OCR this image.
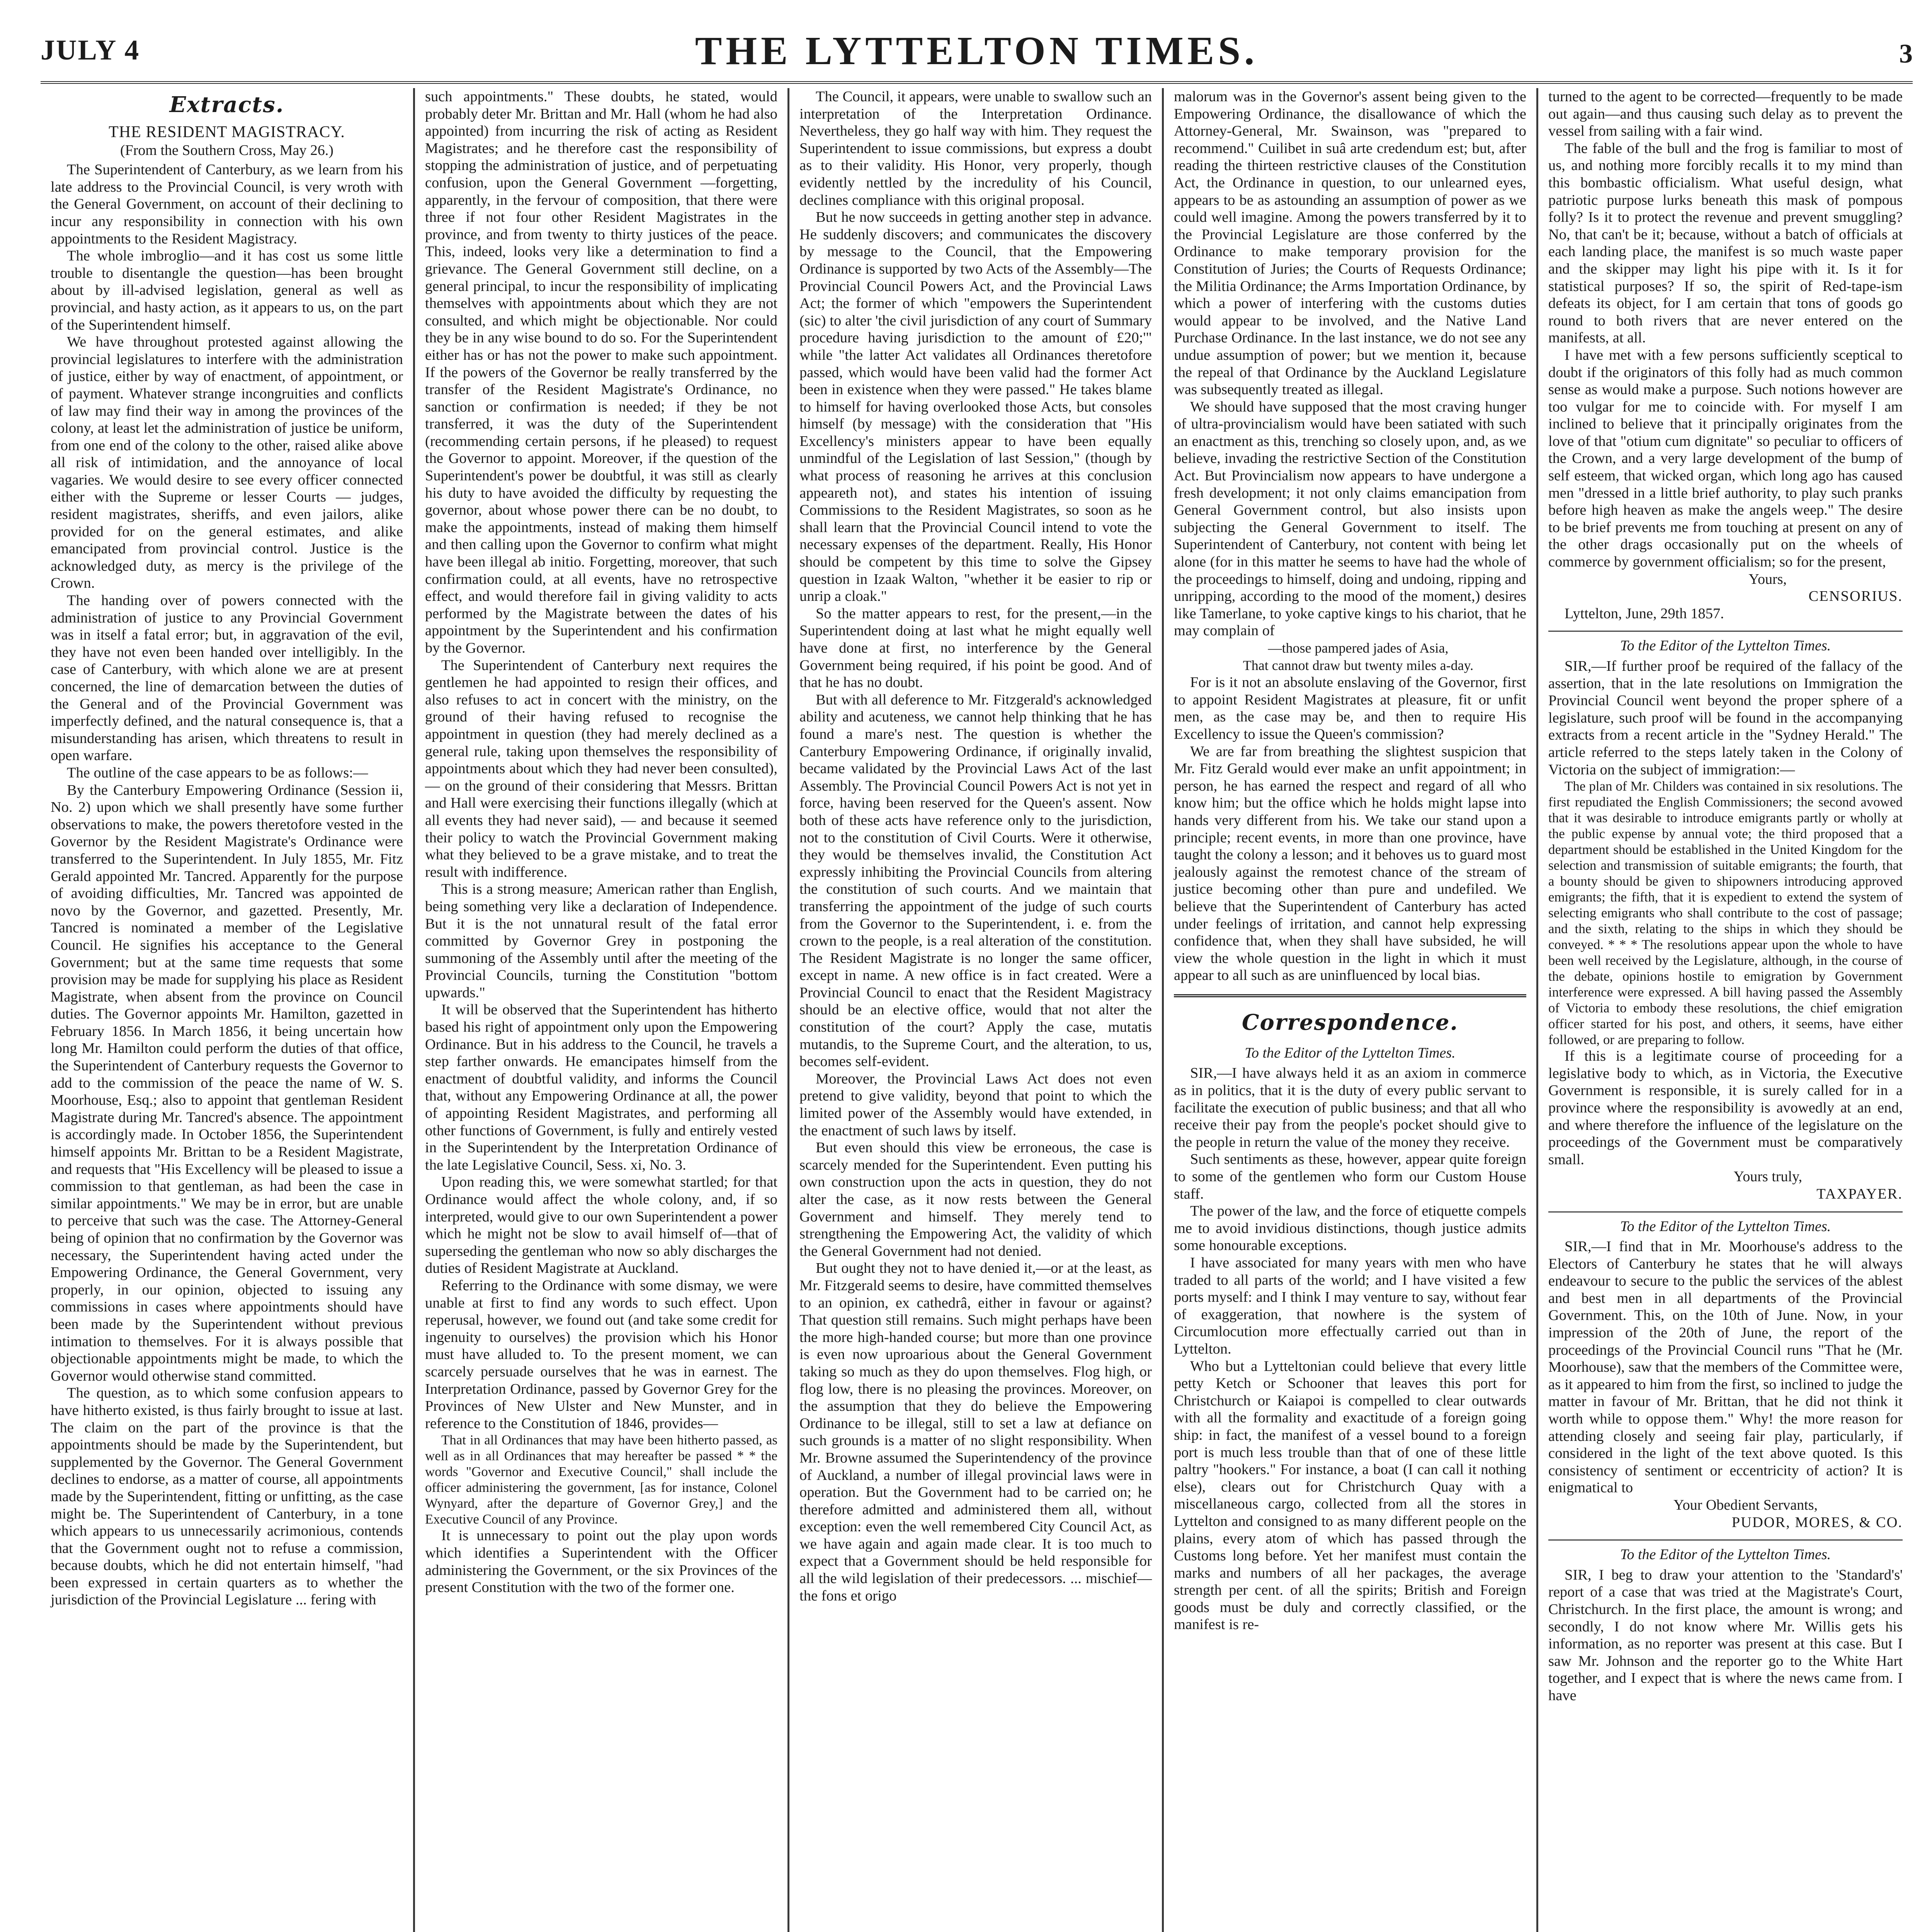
JULY 4	THE LYTTELTON TIMES.	3
Extracts.
THE RESIDENT MAGISTRACY.
(From the Southern Cross, May 26.)

The Superintendent of Canterbury, as we learn from his late address to the Provincial Council, is very wroth with the General Government, on account of their declining to incur any responsibility in connection with his own appointments to the Resident Magistracy.

The whole imbroglio—and it has cost us some little trouble to disentangle the question—has been brought about by ill-advised legislation, general as well as provincial, and hasty action, as it appears to us, on the part of the Superintendent himself.

We have throughout protested against allowing the provincial legislatures to interfere with the administration of justice, either by way of enactment, of appointment, or of payment. Whatever strange incongruities and conflicts of law may find their way in among the provinces of the colony, at least let the administration of justice be uniform, from one end of the colony to the other, raised alike above all risk of intimidation, and the annoyance of local vagaries. We would desire to see every officer connected either with the Supreme or lesser Courts — judges, resident magistrates, sheriffs, and even jailors, alike provided for on the general estimates, and alike emancipated from provincial control. Justice is the acknowledged duty, as mercy is the privilege of the Crown.

The handing over of powers connected with the administration of justice to any Provincial Government was in itself a fatal error; but, in aggravation of the evil, they have not even been handed over intelligibly. In the case of Canterbury, with which alone we are at present concerned, the line of demarcation between the duties of the General and of the Provincial Government was imperfectly defined, and the natural consequence is, that a misunderstanding has arisen, which threatens to result in open warfare.

The outline of the case appears to be as follows:—

By the Canterbury Empowering Ordinance (Session ii, No. 2) upon which we shall presently have some further observations to make, the powers theretofore vested in the Governor by the Resident Magistrate's Ordinance were transferred to the Superintendent. In July 1855, Mr. Fitz Gerald appointed Mr. Tancred. Apparently for the purpose of avoiding difficulties, Mr. Tancred was appointed de novo by the Governor, and gazetted. Presently, Mr. Tancred is nominated a member of the Legislative Council. He signifies his acceptance to the General Government; but at the same time requests that some provision may be made for supplying his place as Resident Magistrate, when absent from the province on Council duties. The Governor appoints Mr. Hamilton, gazetted in February 1856. In March 1856, it being uncertain how long Mr. Hamilton could perform the duties of that office, the Superintendent of Canterbury requests the Governor to add to the commission of the peace the name of W. S. Moorhouse, Esq.; also to appoint that gentleman Resident Magistrate during Mr. Tancred's absence. The appointment is accordingly made. In October 1856, the Superintendent himself appoints Mr. Brittan to be a Resident Magistrate, and requests that "His Excellency will be pleased to issue a commission to that gentleman, as had been the case in similar appointments." We may be in error, but are unable to perceive that such was the case. The Attorney-General being of opinion that no confirmation by the Governor was necessary, the Superintendent having acted under the Empowering Ordinance, the General Government, very properly, in our opinion, objected to issuing any commissions in cases where appointments should have been made by the Superintendent without previous intimation to themselves. For it is always possible that objectionable appointments might be made, to which the Governor would otherwise stand committed.

The question, as to which some confusion appears to have hitherto existed, is thus fairly brought to issue at last. The claim on the part of the province is that the appointments should be made by the Superintendent, but supplemented by the Governor. The General Government declines to endorse, as a matter of course, all appointments made by the Superintendent, fitting or unfitting, as the case might be. The Superintendent of Canterbury, in a tone which appears to us unnecessarily acrimonious, contends that the Government ought not to refuse a commission, because doubts, which he did not entertain himself, "had been expressed in certain quarters as to whether the jurisdiction of the Provincial Legislature ... fering with

such appointments." These doubts, he stated, would probably deter Mr. Brittan and Mr. Hall (whom he had also appointed) from incurring the risk of acting as Resident Magistrates; and he therefore cast the responsibility of stopping the administration of justice, and of perpetuating confusion, upon the General Government —forgetting, apparently, in the fervour of composition, that there were three if not four other Resident Magistrates in the province, and from twenty to thirty justices of the peace. This, indeed, looks very like a determination to find a grievance. The General Government still decline, on a general principal, to incur the responsibility of implicating themselves with appointments about which they are not consulted, and which might be objectionable. Nor could they be in any wise bound to do so. For the Superintendent either has or has not the power to make such appointment. If the powers of the Governor be really transferred by the transfer of the Resident Magistrate's Ordinance, no sanction or confirmation is needed; if they be not transferred, it was the duty of the Superintendent (recommending certain persons, if he pleased) to request the Governor to appoint. Moreover, if the question of the Superintendent's power be doubtful, it was still as clearly his duty to have avoided the difficulty by requesting the governor, about whose power there can be no doubt, to make the appointments, instead of making them himself and then calling upon the Governor to confirm what might have been illegal ab initio. Forgetting, moreover, that such confirmation could, at all events, have no retrospective effect, and would therefore fail in giving validity to acts performed by the Magistrate between the dates of his appointment by the Superintendent and his confirmation by the Governor.

The Superintendent of Canterbury next requires the gentlemen he had appointed to resign their offices, and also refuses to act in concert with the ministry, on the ground of their having refused to recognise the appointment in question (they had merely declined as a general rule, taking upon themselves the responsibility of appointments about which they had never been consulted), — on the ground of their considering that Messrs. Brittan and Hall were exercising their functions illegally (which at all events they had never said), — and because it seemed their policy to watch the Provincial Government making what they believed to be a grave mistake, and to treat the result with indifference.

This is a strong measure; American rather than English, being something very like a declaration of Independence. But it is the not unnatural result of the fatal error committed by Governor Grey in postponing the summoning of the Assembly until after the meeting of the Provincial Councils, turning the Constitution "bottom upwards."

It will be observed that the Superintendent has hitherto based his right of appointment only upon the Empowering Ordinance. But in his address to the Council, he travels a step farther onwards. He emancipates himself from the enactment of doubtful validity, and informs the Council that, without any Empowering Ordinance at all, the power of appointing Resident Magistrates, and performing all other functions of Government, is fully and entirely vested in the Superintendent by the Interpretation Ordinance of the late Legislative Council, Sess. xi, No. 3.

Upon reading this, we were somewhat startled; for that Ordinance would affect the whole colony, and, if so interpreted, would give to our own Superintendent a power which he might not be slow to avail himself of—that of superseding the gentleman who now so ably discharges the duties of Resident Magistrate at Auckland.

Referring to the Ordinance with some dismay, we were unable at first to find any words to such effect. Upon reperusal, however, we found out (and take some credit for ingenuity to ourselves) the provision which his Honor must have alluded to. To the present moment, we can scarcely persuade ourselves that he was in earnest. The Interpretation Ordinance, passed by Governor Grey for the Provinces of New Ulster and New Munster, and in reference to the Constitution of 1846, provides—

That in all Ordinances that may have been hitherto passed, as well as in all Ordinances that may hereafter be passed * * the words "Governor and Executive Council," shall include the officer administering the government, [as for instance, Colonel Wynyard, after the departure of Governor Grey,] and the Executive Council of any Province.

It is unnecessary to point out the play upon words which identifies a Superintendent with the Officer administering the Government, or the six Provinces of the present Constitution with the two of the former one.

The Council, it appears, were unable to swallow such an interpretation of the Interpretation Ordinance. Nevertheless, they go half way with him. They request the Superintendent to issue commissions, but express a doubt as to their validity. His Honor, very properly, though evidently nettled by the incredulity of his Council, declines compliance with this original proposal.

But he now succeeds in getting another step in advance. He suddenly discovers; and communicates the discovery by message to the Council, that the Empowering Ordinance is supported by two Acts of the Assembly—The Provincial Council Powers Act, and the Provincial Laws Act; the former of which "empowers the Superintendent (sic) to alter 'the civil jurisdiction of any court of Summary procedure having jurisdiction to the amount of £20;'" while "the latter Act validates all Ordinances theretofore passed, which would have been valid had the former Act been in existence when they were passed." He takes blame to himself for having overlooked those Acts, but consoles himself (by message) with the consideration that "His Excellency's ministers appear to have been equally unmindful of the Legislation of last Session," (though by what process of reasoning he arrives at this conclusion appeareth not), and states his intention of issuing Commissions to the Resident Magistrates, so soon as he shall learn that the Provincial Council intend to vote the necessary expenses of the department. Really, His Honor should be competent by this time to solve the Gipsey question in Izaak Walton, "whether it be easier to rip or unrip a cloak."

So the matter appears to rest, for the present,—in the Superintendent doing at last what he might equally well have done at first, no interference by the General Government being required, if his point be good. And of that he has no doubt.

But with all deference to Mr. Fitzgerald's acknowledged ability and acuteness, we cannot help thinking that he has found a mare's nest. The question is whether the Canterbury Empowering Ordinance, if originally invalid, became validated by the Provincial Laws Act of the last Assembly. The Provincial Council Powers Act is not yet in force, having been reserved for the Queen's assent. Now both of these acts have reference only to the jurisdiction, not to the constitution of Civil Courts. Were it otherwise, they would be themselves invalid, the Constitution Act expressly inhibiting the Provincial Councils from altering the constitution of such courts. And we maintain that transferring the appointment of the judge of such courts from the Governor to the Superintendent, i. e. from the crown to the people, is a real alteration of the constitution. The Resident Magistrate is no longer the same officer, except in name. A new office is in fact created. Were a Provincial Council to enact that the Resident Magistracy should be an elective office, would that not alter the constitution of the court? Apply the case, mutatis mutandis, to the Supreme Court, and the alteration, to us, becomes self-evident.

Moreover, the Provincial Laws Act does not even pretend to give validity, beyond that point to which the limited power of the Assembly would have extended, in the enactment of such laws by itself.

But even should this view be erroneous, the case is scarcely mended for the Superintendent. Even putting his own construction upon the acts in question, they do not alter the case, as it now rests between the General Government and himself. They merely tend to strengthening the Empowering Act, the validity of which the General Government had not denied.

But ought they not to have denied it,—or at the least, as Mr. Fitzgerald seems to desire, have committed themselves to an opinion, ex cathedrâ, either in favour or against? That question still remains. Such might perhaps have been the more high-handed course; but more than one province is even now uproarious about the General Government taking so much as they do upon themselves. Flog high, or flog low, there is no pleasing the provinces. Moreover, on the assumption that they do believe the Empowering Ordinance to be illegal, still to set a law at defiance on such grounds is a matter of no slight responsibility. When Mr. Browne assumed the Superintendency of the province of Auckland, a number of illegal provincial laws were in operation. But the Government had to be carried on; he therefore admitted and administered them all, without exception: even the well remembered City Council Act, as we have again and again made clear. It is too much to expect that a Government should be held responsible for all the wild legislation of their predecessors. ... mischief—the fons et origo

malorum was in the Governor's assent being given to the Empowering Ordinance, the disallowance of which the Attorney-General, Mr. Swainson, was "prepared to recommend." Cuilibet in suâ arte credendum est; but, after reading the thirteen restrictive clauses of the Constitution Act, the Ordinance in question, to our unlearned eyes, appears to be as astounding an assumption of power as we could well imagine. Among the powers transferred by it to the Provincial Legislature are those conferred by the Ordinance to make temporary provision for the Constitution of Juries; the Courts of Requests Ordinance; the Militia Ordinance; the Arms Importation Ordinance, by which a power of interfering with the customs duties would appear to be involved, and the Native Land Purchase Ordinance. In the last instance, we do not see any undue assumption of power; but we mention it, because the repeal of that Ordinance by the Auckland Legislature was subsequently treated as illegal.

We should have supposed that the most craving hunger of ultra-provincialism would have been satiated with such an enactment as this, trenching so closely upon, and, as we believe, invading the restrictive Section of the Constitution Act. But Provincialism now appears to have undergone a fresh development; it not only claims emancipation from General Government control, but also insists upon subjecting the General Government to itself. The Superintendent of Canterbury, not content with being let alone (for in this matter he seems to have had the whole of the proceedings to himself, doing and undoing, ripping and unripping, according to the mood of the moment,) desires like Tamerlane, to yoke captive kings to his chariot, that he may complain of

—those pampered jades of Asia,

That cannot draw but twenty miles a-day.

For is it not an absolute enslaving of the Governor, first to appoint Resident Magistrates at pleasure, fit or unfit men, as the case may be, and then to require His Excellency to issue the Queen's commission?

We are far from breathing the slightest suspicion that Mr. Fitz Gerald would ever make an unfit appointment; in person, he has earned the respect and regard of all who know him; but the office which he holds might lapse into hands very different from his. We take our stand upon a principle; recent events, in more than one province, have taught the colony a lesson; and it behoves us to guard most jealously against the remotest chance of the stream of justice becoming other than pure and undefiled. We believe that the Superintendent of Canterbury has acted under feelings of irritation, and cannot help expressing confidence that, when they shall have subsided, he will view the whole question in the light in which it must appear to all such as are uninfluenced by local bias.

Correspondence.
To the Editor of the Lyttelton Times.

SIR,—I have always held it as an axiom in commerce as in politics, that it is the duty of every public servant to facilitate the execution of public business; and that all who receive their pay from the people's pocket should give to the people in return the value of the money they receive.

Such sentiments as these, however, appear quite foreign to some of the gentlemen who form our Custom House staff.

The power of the law, and the force of etiquette compels me to avoid invidious distinctions, though justice admits some honourable exceptions.

I have associated for many years with men who have traded to all parts of the world; and I have visited a few ports myself: and I think I may venture to say, without fear of exaggeration, that nowhere is the system of Circumlocution more effectually carried out than in Lyttelton.

Who but a Lytteltonian could believe that every little petty Ketch or Schooner that leaves this port for Christchurch or Kaiapoi is compelled to clear outwards with all the formality and exactitude of a foreign going ship: in fact, the manifest of a vessel bound to a foreign port is much less trouble than that of one of these little paltry "hookers." For instance, a boat (I can call it nothing else), clears out for Christchurch Quay with a miscellaneous cargo, collected from all the stores in Lyttelton and consigned to as many different people on the plains, every atom of which has passed through the Customs long before. Yet her manifest must contain the marks and numbers of all her packages, the average strength per cent. of all the spirits; British and Foreign goods must be duly and correctly classified, or the manifest is re-

turned to the agent to be corrected—frequently to be made out again—and thus causing such delay as to prevent the vessel from sailing with a fair wind.

The fable of the bull and the frog is familiar to most of us, and nothing more forcibly recalls it to my mind than this bombastic officialism. What useful design, what patriotic purpose lurks beneath this mask of pompous folly? Is it to protect the revenue and prevent smuggling? No, that can't be it; because, without a batch of officials at each landing place, the manifest is so much waste paper and the skipper may light his pipe with it. Is it for statistical purposes? If so, the spirit of Red-tape-ism defeats its object, for I am certain that tons of goods go round to both rivers that are never entered on the manifests, at all.

I have met with a few persons sufficiently sceptical to doubt if the originators of this folly had as much common sense as would make a purpose. Such notions however are too vulgar for me to coincide with. For myself I am inclined to believe that it principally originates from the love of that "otium cum dignitate" so peculiar to officers of the Crown, and a very large development of the bump of self esteem, that wicked organ, which long ago has caused men "dressed in a little brief authority, to play such pranks before high heaven as make the angels weep." The desire to be brief prevents me from touching at present on any of the other drags occasionally put on the wheels of commerce by government officialism; so for the present,

Yours,

CENSORIUS.

Lyttelton, June, 29th 1857.

To the Editor of the Lyttelton Times.

SIR,—If further proof be required of the fallacy of the assertion, that in the late resolutions on Immigration the Provincial Council went beyond the proper sphere of a legislature, such proof will be found in the accompanying extracts from a recent article in the "Sydney Herald." The article referred to the steps lately taken in the Colony of Victoria on the subject of immigration:—

The plan of Mr. Childers was contained in six resolutions. The first repudiated the English Commissioners; the second avowed that it was desirable to introduce emigrants partly or wholly at the public expense by annual vote; the third proposed that a department should be established in the United Kingdom for the selection and transmission of suitable emigrants; the fourth, that a bounty should be given to shipowners introducing approved emigrants; the fifth, that it is expedient to extend the system of selecting emigrants who shall contribute to the cost of passage; and the sixth, relating to the ships in which they should be conveyed. * * * The resolutions appear upon the whole to have been well received by the Legislature, although, in the course of the debate, opinions hostile to emigration by Government interference were expressed. A bill having passed the Assembly of Victoria to embody these resolutions, the chief emigration officer started for his post, and others, it seems, have either followed, or are preparing to follow.

If this is a legitimate course of proceeding for a legislative body to which, as in Victoria, the Executive Government is responsible, it is surely called for in a province where the responsibility is avowedly at an end, and where therefore the influence of the legislature on the proceedings of the Government must be comparatively small.

Yours truly,

TAXPAYER.

To the Editor of the Lyttelton Times.

SIR,—I find that in Mr. Moorhouse's address to the Electors of Canterbury he states that he will always endeavour to secure to the public the services of the ablest and best men in all departments of the Provincial Government. This, on the 10th of June. Now, in your impression of the 20th of June, the report of the proceedings of the Provincial Council runs "That he (Mr. Moorhouse), saw that the members of the Committee were, as it appeared to him from the first, so inclined to judge the matter in favour of Mr. Brittan, that he did not think it worth while to oppose them." Why! the more reason for attending closely and seeing fair play, particularly, if considered in the light of the text above quoted. Is this consistency of sentiment or eccentricity of action? It is enigmatical to

Your Obedient Servants,

PUDOR, MORES, & CO.

To the Editor of the Lyttelton Times.

SIR, I beg to draw your attention to the 'Standard's' report of a case that was tried at the Magistrate's Court, Christchurch. In the first place, the amount is wrong; and secondly, I do not know where Mr. Willis gets his information, as no reporter was present at this case. But I saw Mr. Johnson and the reporter go to the White Hart together, and I expect that is where the news came from. I have
